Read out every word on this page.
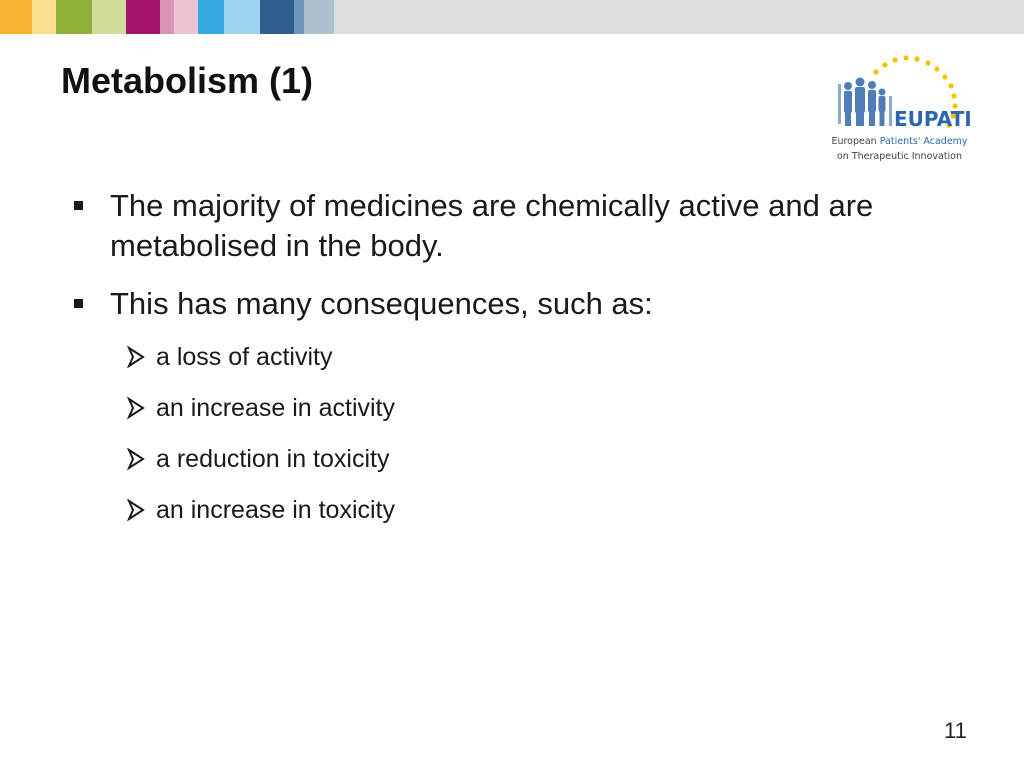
Metabolism (1)
EUPATI
European Patients' Academy
on Therapeutic Innovation
The majority of medicines are chemically active and are metabolised in the body.
This has many consequences, such as:
a loss of activity
an increase in activity
a reduction in toxicity
an increase in toxicity
11
